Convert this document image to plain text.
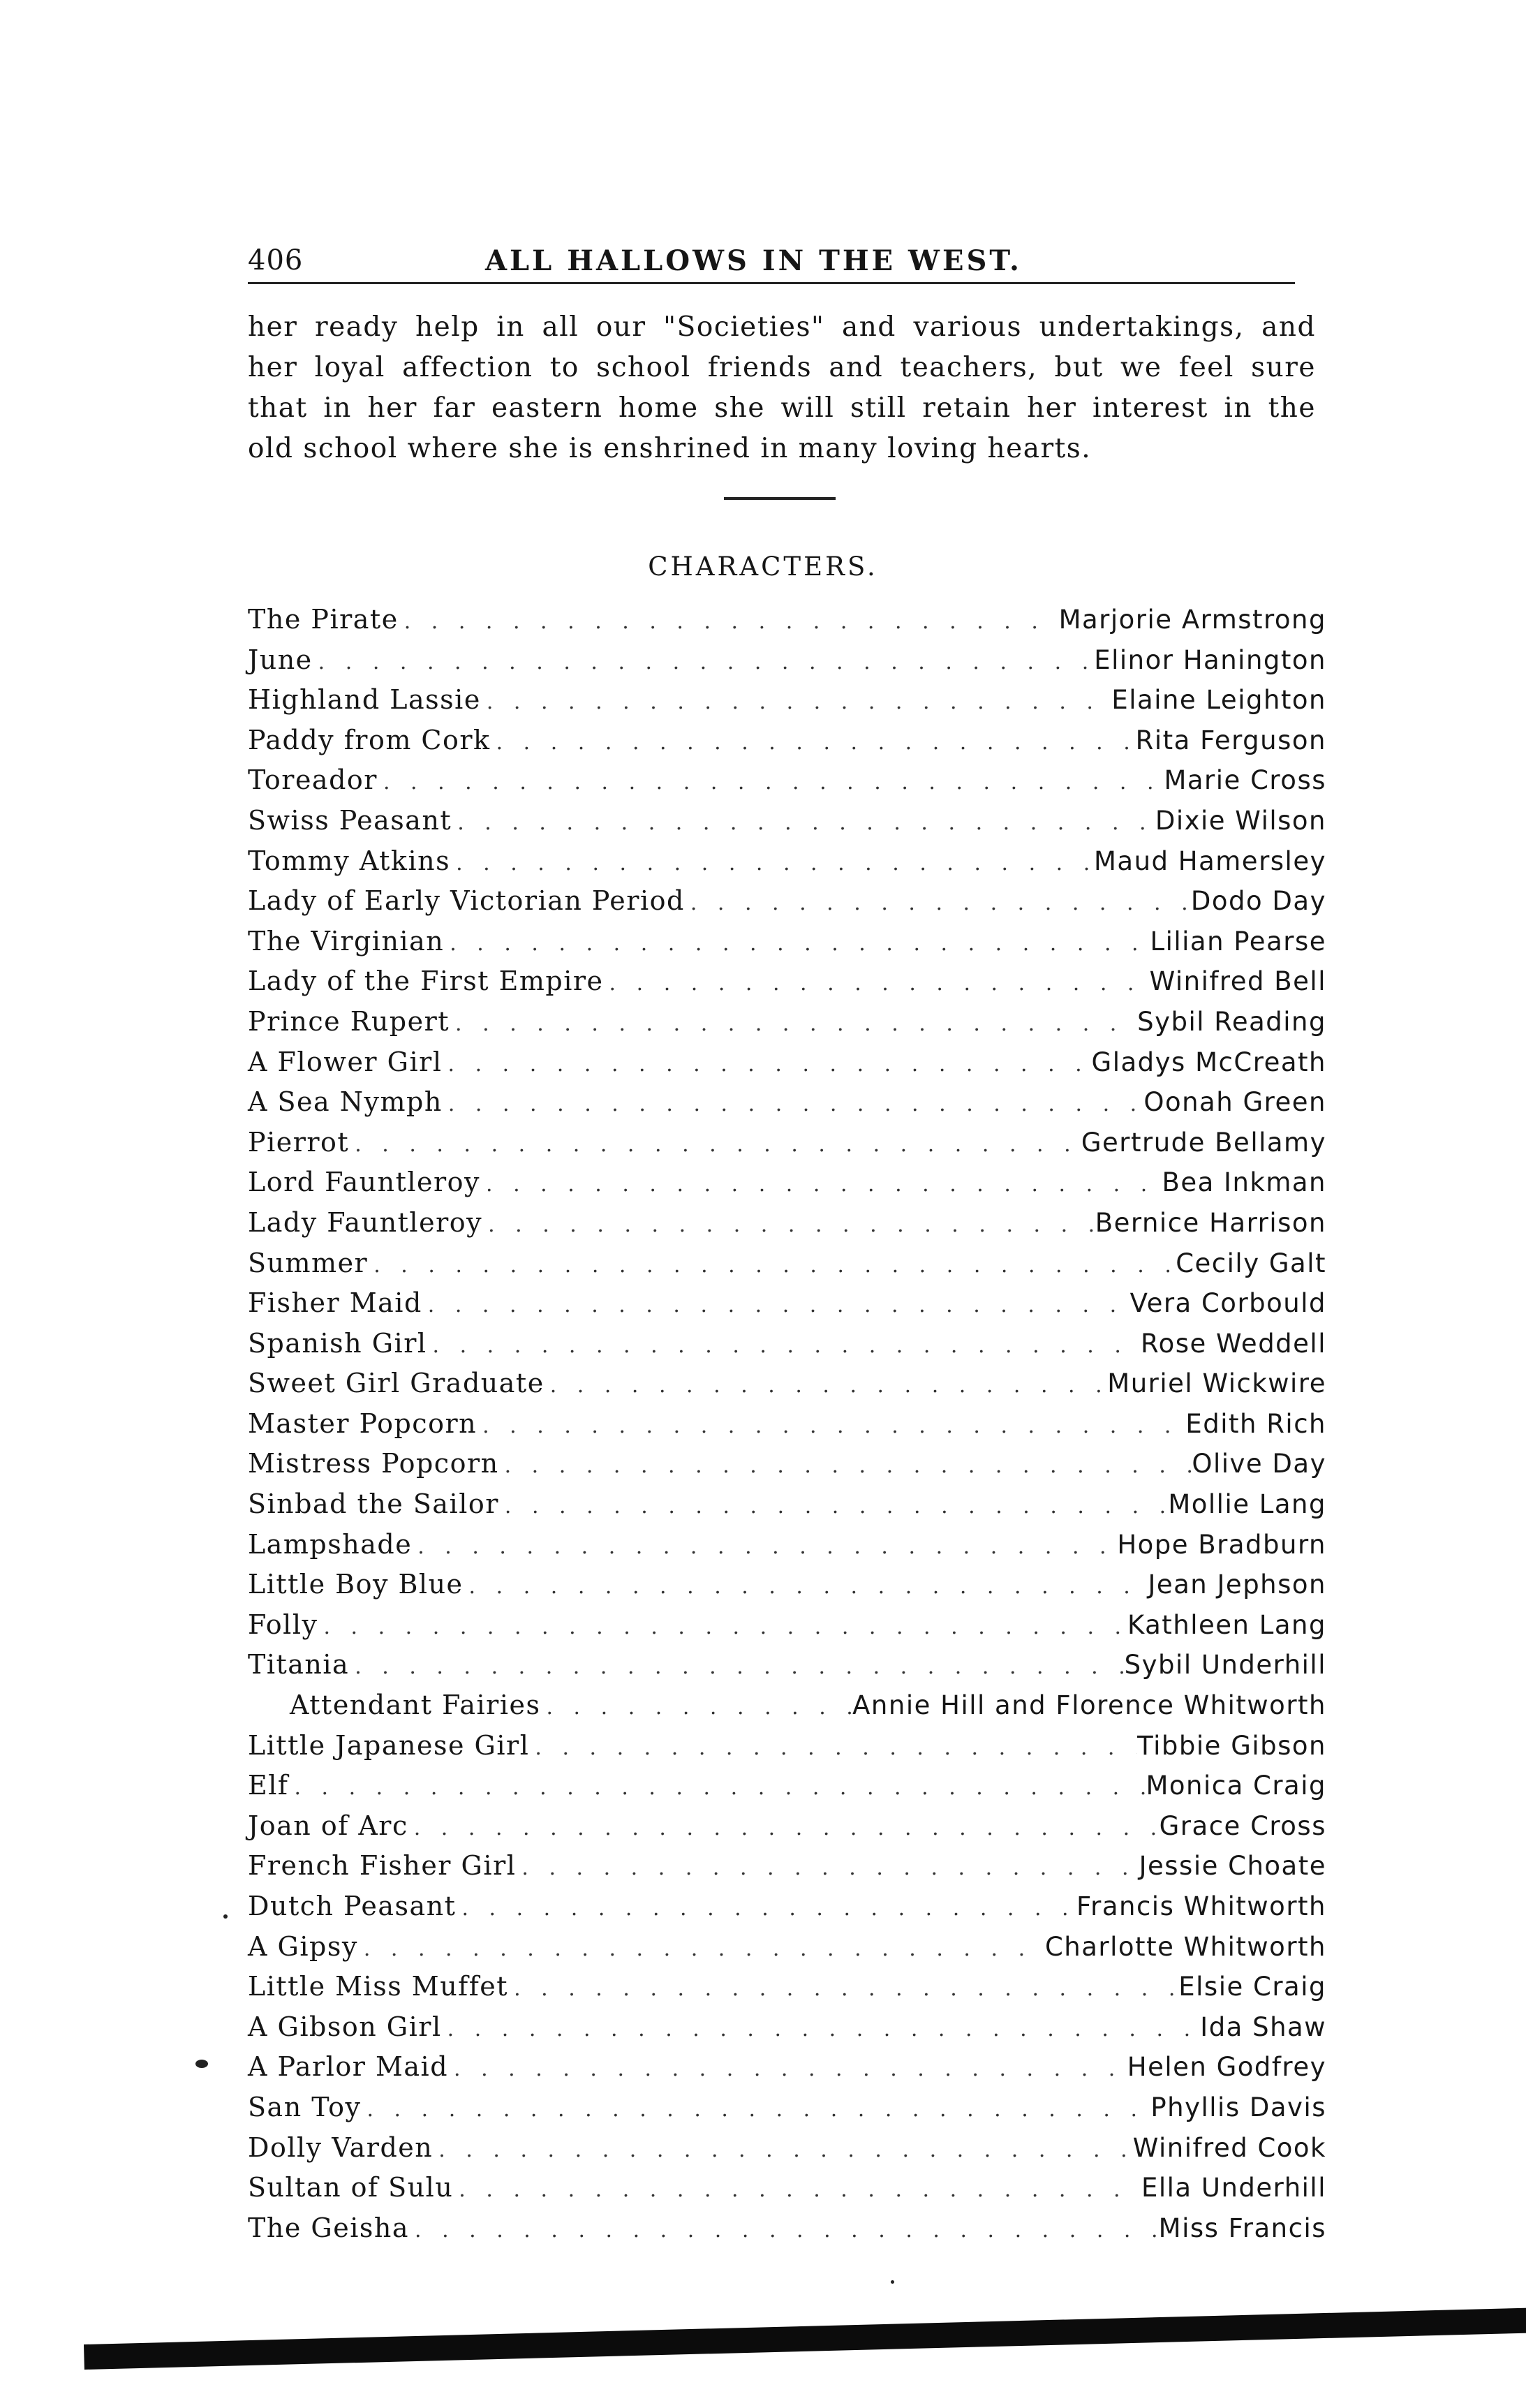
406	ALL HALLOWS IN THE WEST.

her ready help in all our "Societies" and various undertakings, and

her loyal affection to school friends and teachers, but we feel sure

that in her far eastern home she will still retain her interest in the

old school where she is enshrined in many loving hearts.

CHARACTERS.
The Pirate . . .	Marjorie Armstrong
June . . .	Elinor Hanington
Highland Lassie . . .	Elaine Leighton
Paddy from Cork . . .	Rita Ferguson
Toreador . . .	Marie Cross
Swiss Peasant . . .	Dixie Wilson
Tommy Atkins . . .	Maud Hamersley
Lady of Early Victorian Period . . .	Dodo Day
The Virginian . . .	Lilian Pearse
Lady of the First Empire . . .	Winifred Bell
Prince Rupert . . .	Sybil Reading
A Flower Girl . . .	Gladys McCreath
A Sea Nymph . . .	Oonah Green
Pierrot . . .	Gertrude Bellamy
Lord Fauntleroy . . .	Bea Inkman
Lady Fauntleroy . . .	Bernice Harrison
Summer . . .	Cecily Galt
Fisher Maid . . .	Vera Corbould
Spanish Girl . . .	Rose Weddell
Sweet Girl Graduate . . .	Muriel Wickwire
Master Popcorn . . .	Edith Rich
Mistress Popcorn . . .	Olive Day
Sinbad the Sailor . . .	Mollie Lang
Lampshade . . .	Hope Bradburn
Little Boy Blue . . .	Jean Jephson
Folly . . .	Kathleen Lang
Titania . . .	Sybil Underhill
Attendant Fairies . . .	Annie Hill and Florence Whitworth
Little Japanese Girl . . .	Tibbie Gibson
Elf . . .	Monica Craig
Joan of Arc . . .	Grace Cross
French Fisher Girl . . .	Jessie Choate
Dutch Peasant . . .	Francis Whitworth
A Gipsy . . .	Charlotte Whitworth
Little Miss Muffet . . .	Elsie Craig
A Gibson Girl . . .	Ida Shaw
A Parlor Maid . . .	Helen Godfrey
San Toy . . .	Phyllis Davis
Dolly Varden . . .	Winifred Cook
Sultan of Sulu . . .	Ella Underhill
The Geisha . . .	Miss Francis
